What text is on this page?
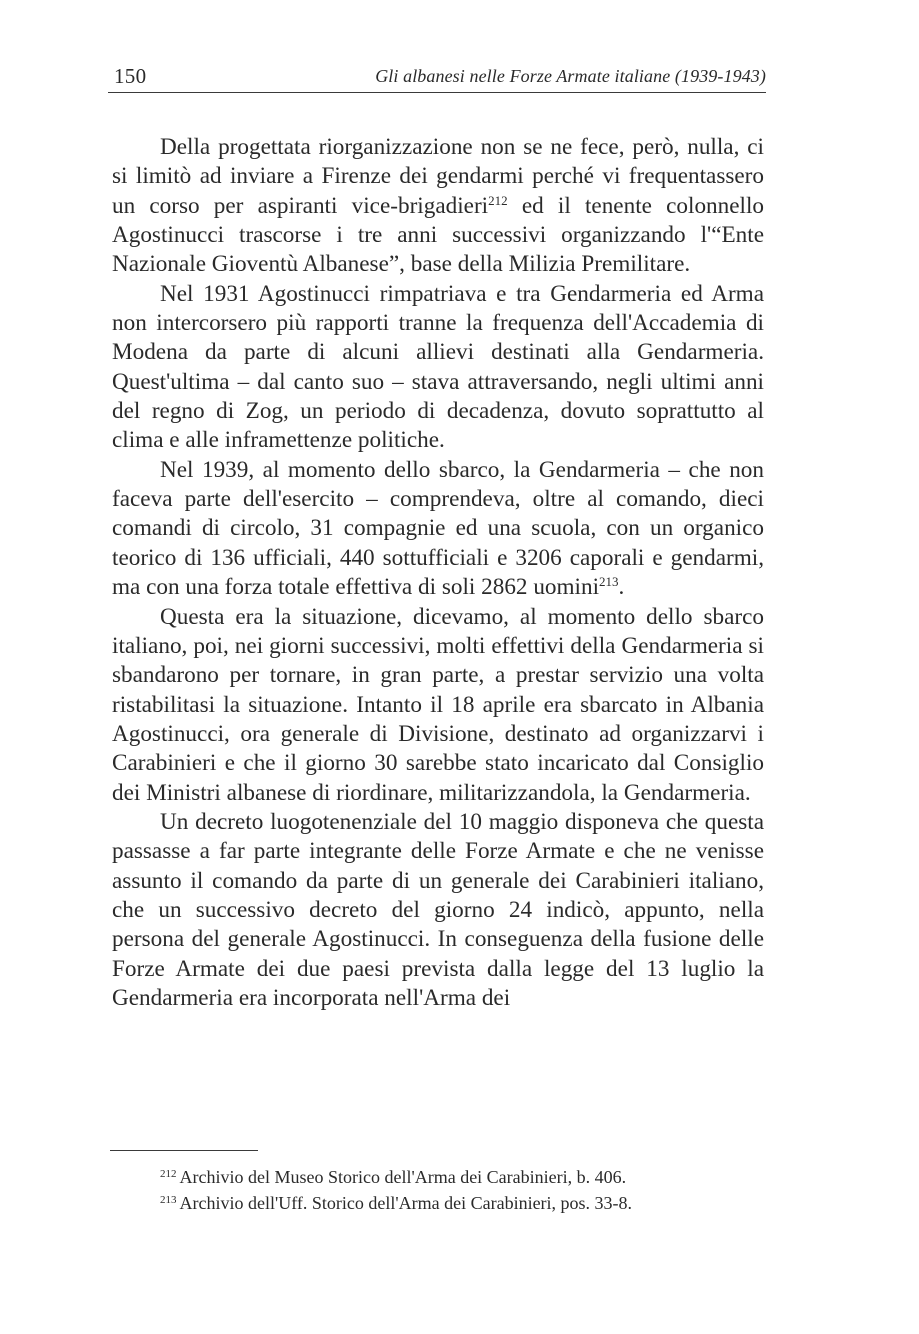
150	Gli albanesi nelle Forze Armate italiane (1939-1943)

Della progettata riorganizzazione non se ne fece, però, nulla, ci si limitò ad inviare a Firenze dei gendarmi perché vi frequentassero un corso per aspiranti vice-brigadieri$^{212}$ ed il tenente colonnello Agostinucci trascorse i tre anni successivi organizzando l'“Ente Nazionale Gioventù Albanese”, base della Milizia Premilitare.

Nel 1931 Agostinucci rimpatriava e tra Gendarmeria ed Arma non intercorsero più rapporti tranne la frequenza dell'Accademia di Modena da parte di alcuni allievi destinati alla Gendarmeria. Quest'ultima – dal canto suo – stava attraversando, negli ultimi anni del regno di Zog, un periodo di decadenza, dovuto soprattutto al clima e alle inframettenze politiche.

Nel 1939, al momento dello sbarco, la Gendarmeria – che non faceva parte dell'esercito – comprendeva, oltre al comando, dieci comandi di circolo, 31 compagnie ed una scuola, con un organico teorico di 136 ufficiali, 440 sottufficiali e 3206 caporali e gendarmi, ma con una forza totale effettiva di soli 2862 uomini$^{213}$.

Questa era la situazione, dicevamo, al momento dello sbarco italiano, poi, nei giorni successivi, molti effettivi della Gendarmeria si sbandarono per tornare, in gran parte, a prestar servizio una volta ristabilitasi la situazione. Intanto il 18 aprile era sbarcato in Albania Agostinucci, ora generale di Divisione, destinato ad organizzarvi i Carabinieri e che il giorno 30 sarebbe stato incaricato dal Consiglio dei Ministri albanese di riordinare, militarizzandola, la Gendarmeria.

Un decreto luogotenenziale del 10 maggio disponeva che questa passasse a far parte integrante delle Forze Armate e che ne venisse assunto il comando da parte di un generale dei Carabinieri italiano, che un successivo decreto del giorno 24 indicò, appunto, nella persona del generale Agostinucci. In conseguenza della fusione delle Forze Armate dei due paesi prevista dalla legge del 13 luglio la Gendarmeria era incorporata nell'Arma dei

$^{212}$ Archivio del Museo Storico dell'Arma dei Carabinieri, b. 406.

$^{213}$ Archivio dell'Uff. Storico dell'Arma dei Carabinieri, pos. 33-8.
